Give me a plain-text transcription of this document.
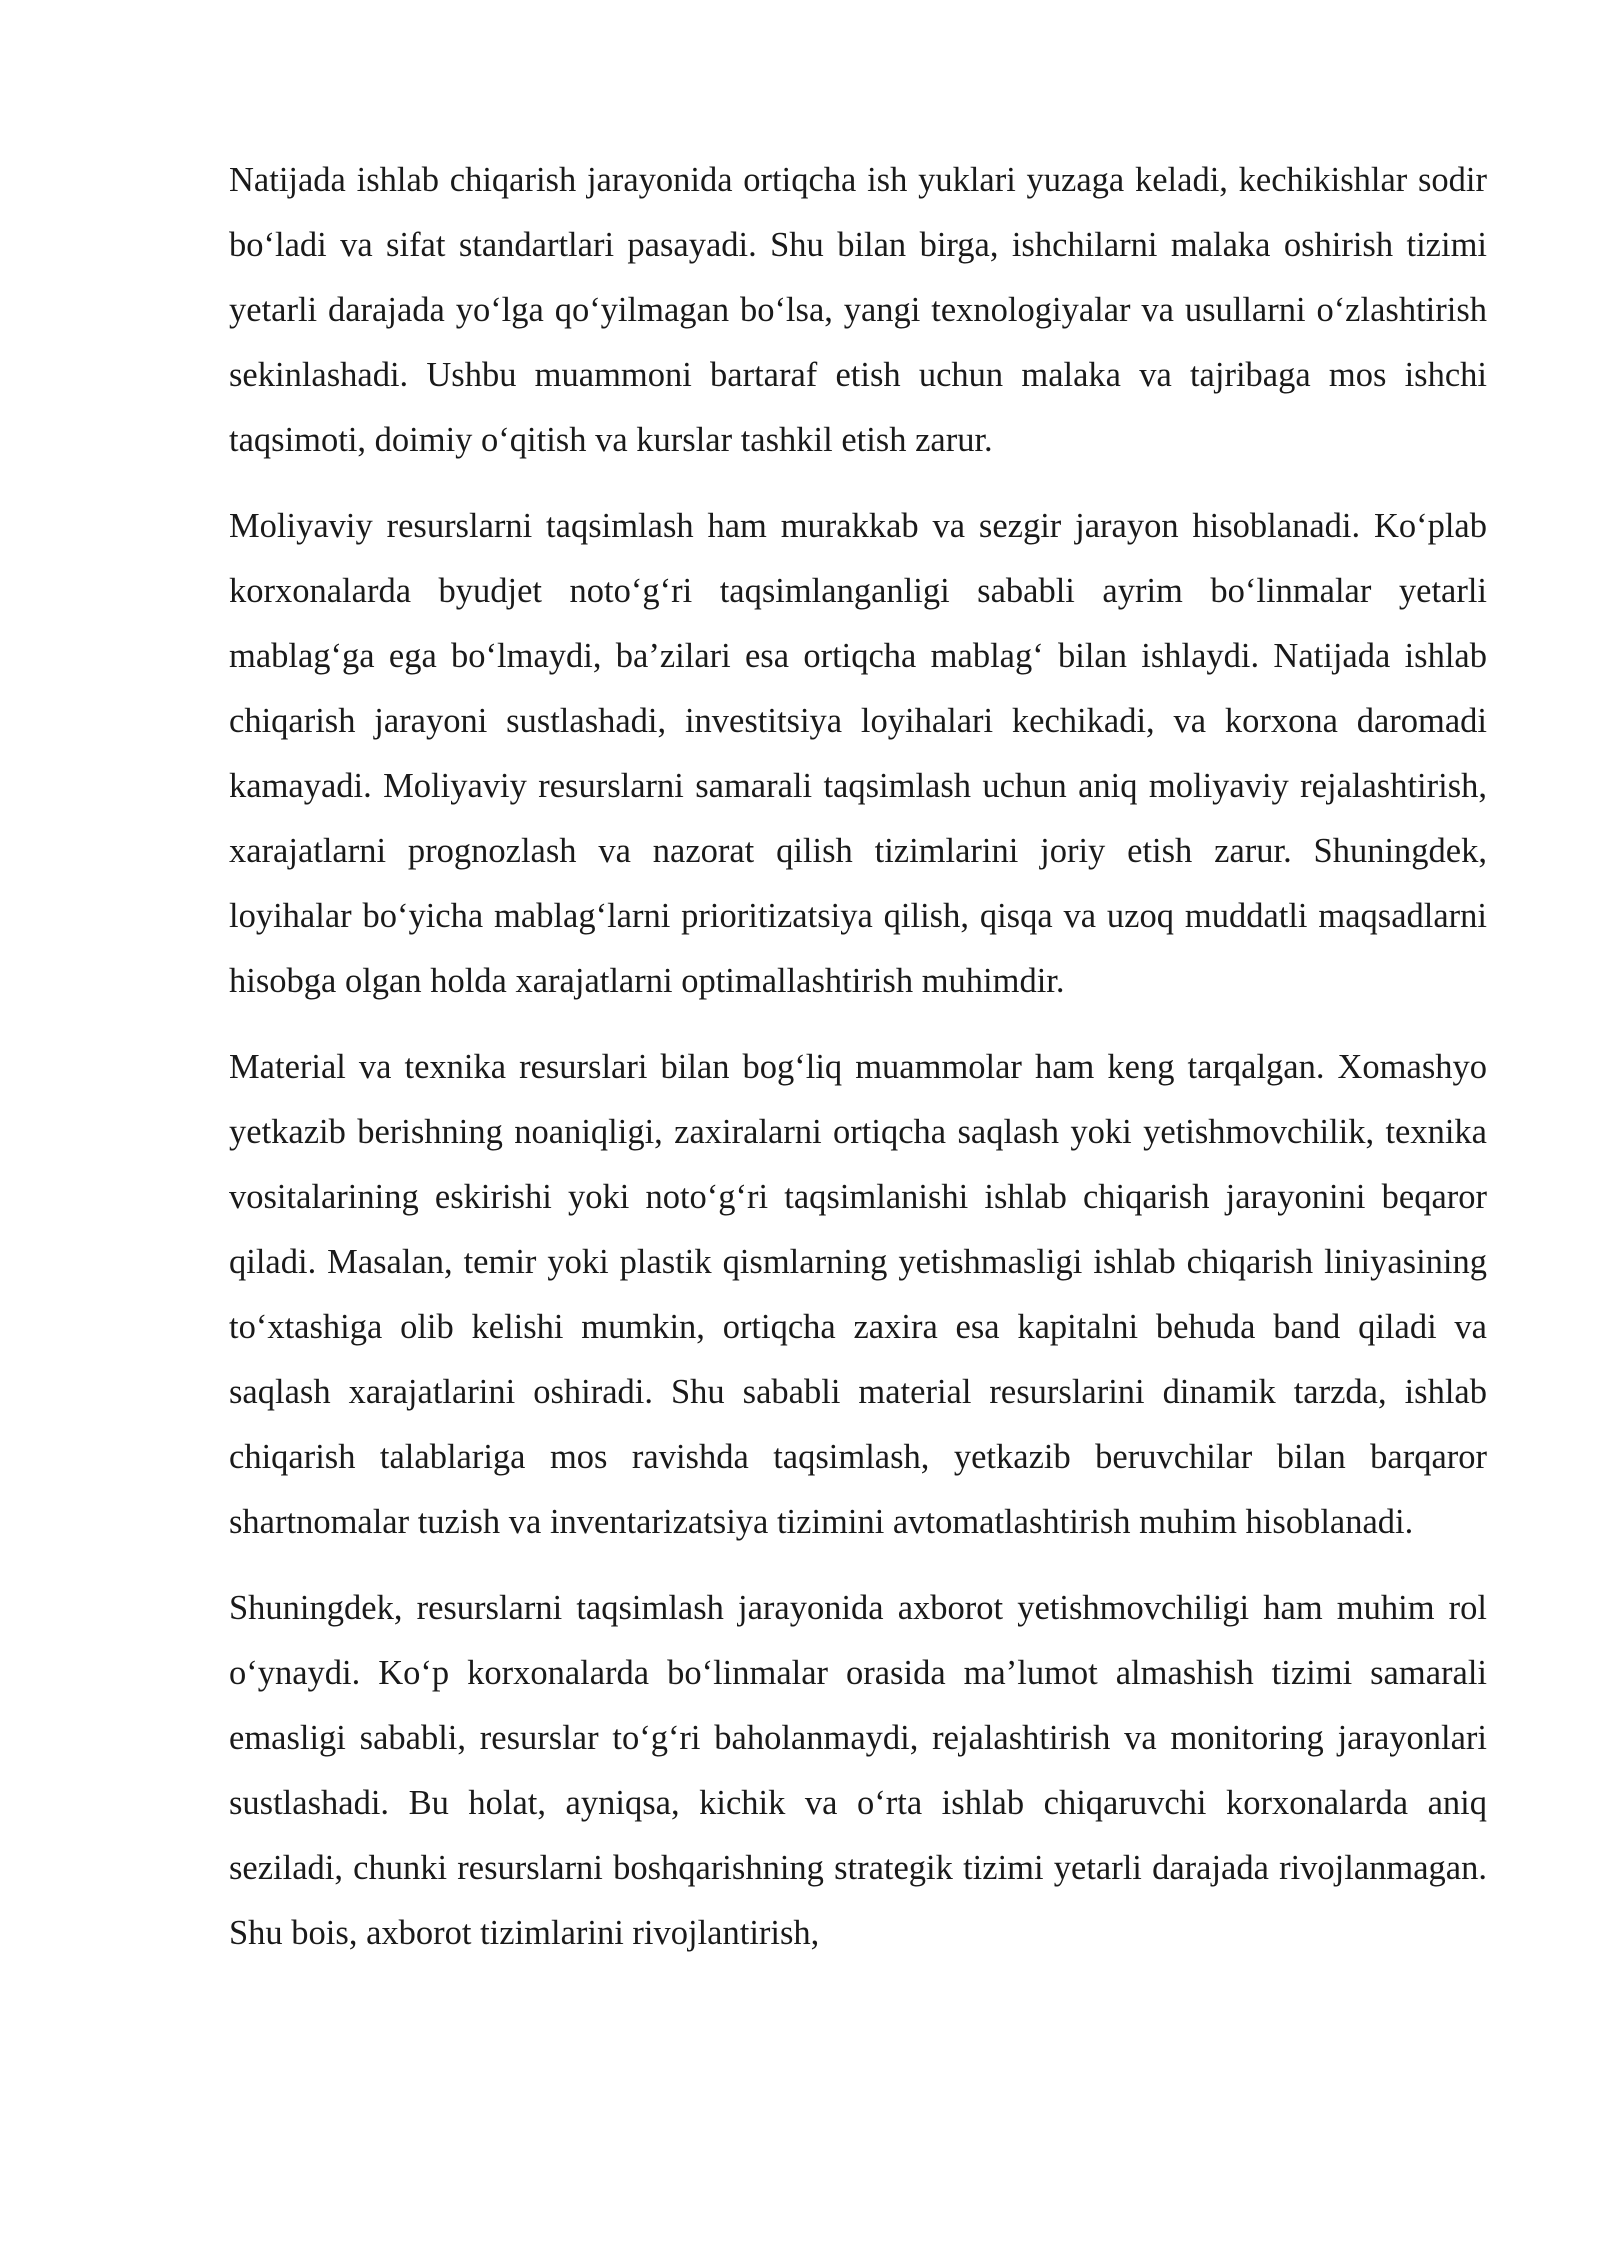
Natijada ishlab chiqarish jarayonida ortiqcha ish yuklari yuzaga keladi, kechikishlar sodir bo‘ladi va sifat standartlari pasayadi. Shu bilan birga, ishchilarni malaka oshirish tizimi yetarli darajada yo‘lga qo‘yilmagan bo‘lsa, yangi texnologiyalar va usullarni o‘zlashtirish sekinlashadi. Ushbu muammoni bartaraf etish uchun malaka va tajribaga mos ishchi taqsimoti, doimiy o‘qitish va kurslar tashkil etish zarur.

Moliyaviy resurslarni taqsimlash ham murakkab va sezgir jarayon hisoblanadi. Ko‘plab korxonalarda byudjet noto‘g‘ri taqsimlanganligi sababli ayrim bo‘linmalar yetarli mablag‘ga ega bo‘lmaydi, ba’zilari esa ortiqcha mablag‘ bilan ishlaydi. Natijada ishlab chiqarish jarayoni sustlashadi, investitsiya loyihalari kechikadi, va korxona daromadi kamayadi. Moliyaviy resurslarni samarali taqsimlash uchun aniq moliyaviy rejalashtirish, xarajatlarni prognozlash va nazorat qilish tizimlarini joriy etish zarur. Shuningdek, loyihalar bo‘yicha mablag‘larni prioritizatsiya qilish, qisqa va uzoq muddatli maqsadlarni hisobga olgan holda xarajatlarni optimallashtirish muhimdir.

Material va texnika resurslari bilan bog‘liq muammolar ham keng tarqalgan. Xomashyo yetkazib berishning noaniqligi, zaxiralarni ortiqcha saqlash yoki yetishmovchilik, texnika vositalarining eskirishi yoki noto‘g‘ri taqsimlanishi ishlab chiqarish jarayonini beqaror qiladi. Masalan, temir yoki plastik qismlarning yetishmasligi ishlab chiqarish liniyasining to‘xtashiga olib kelishi mumkin, ortiqcha zaxira esa kapitalni behuda band qiladi va saqlash xarajatlarini oshiradi. Shu sababli material resurslarini dinamik tarzda, ishlab chiqarish talablariga mos ravishda taqsimlash, yetkazib beruvchilar bilan barqaror shartnomalar tuzish va inventarizatsiya tizimini avtomatlashtirish muhim hisoblanadi.

Shuningdek, resurslarni taqsimlash jarayonida axborot yetishmovchiligi ham muhim rol o‘ynaydi. Ko‘p korxonalarda bo‘linmalar orasida ma’lumot almashish tizimi samarali emasligi sababli, resurslar to‘g‘ri baholanmaydi, rejalashtirish va monitoring jarayonlari sustlashadi. Bu holat, ayniqsa, kichik va o‘rta ishlab chiqaruvchi korxonalarda aniq seziladi, chunki resurslarni boshqarishning strategik tizimi yetarli darajada rivojlanmagan. Shu bois, axborot tizimlarini rivojlantirish,
